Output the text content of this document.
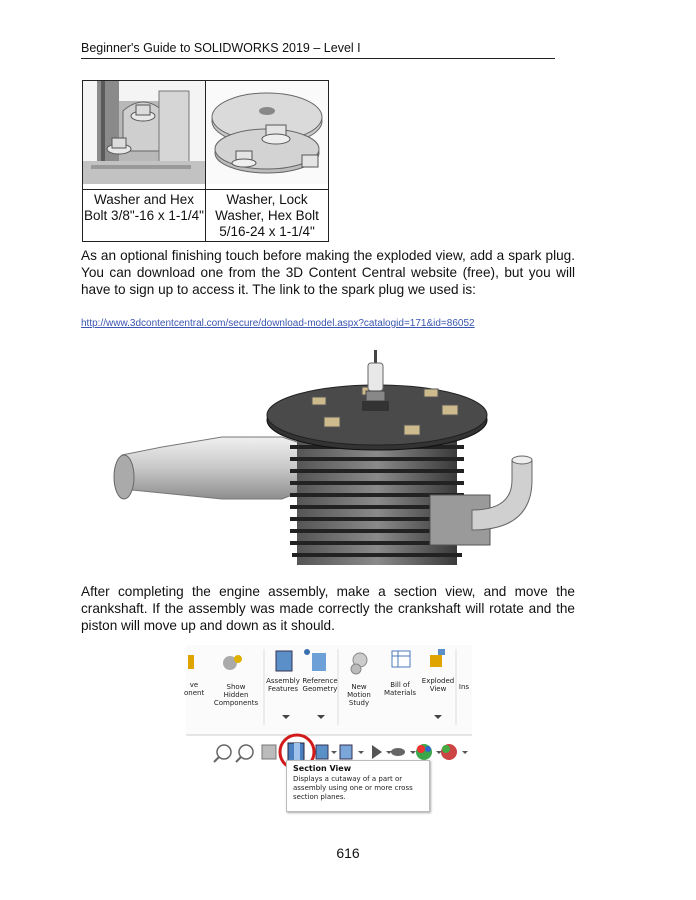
Beginner's Guide to SOLIDWORKS 2019 – Level I

Washer and Hex Bolt 3/8"-16 x 1-1/4"	Washer, Lock Washer, Hex Bolt 5/16-24 x 1-1/4"
As an optional finishing touch before making the exploded view, add a spark plug. You can download one from the 3D Content Central website (free), but you will have to sign up to access it. The link to the spark plug we used is:
http://www.3dcontentcentral.com/secure/download-model.aspx?catalogid=171&id=86052
After completing the engine assembly, make a section view, and move the crankshaft. If the assembly was made correctly the crankshaft will rotate and the piston will move up and down as it should.
ve
onent
Show
Hidden
Components
Assembly
Features
Reference
Geometry	New
Motion
Study
Bill of
Materials
Exploded
View	Ins
Section View
Displays a cutaway of a part or assembly using one or more cross section planes.
616
